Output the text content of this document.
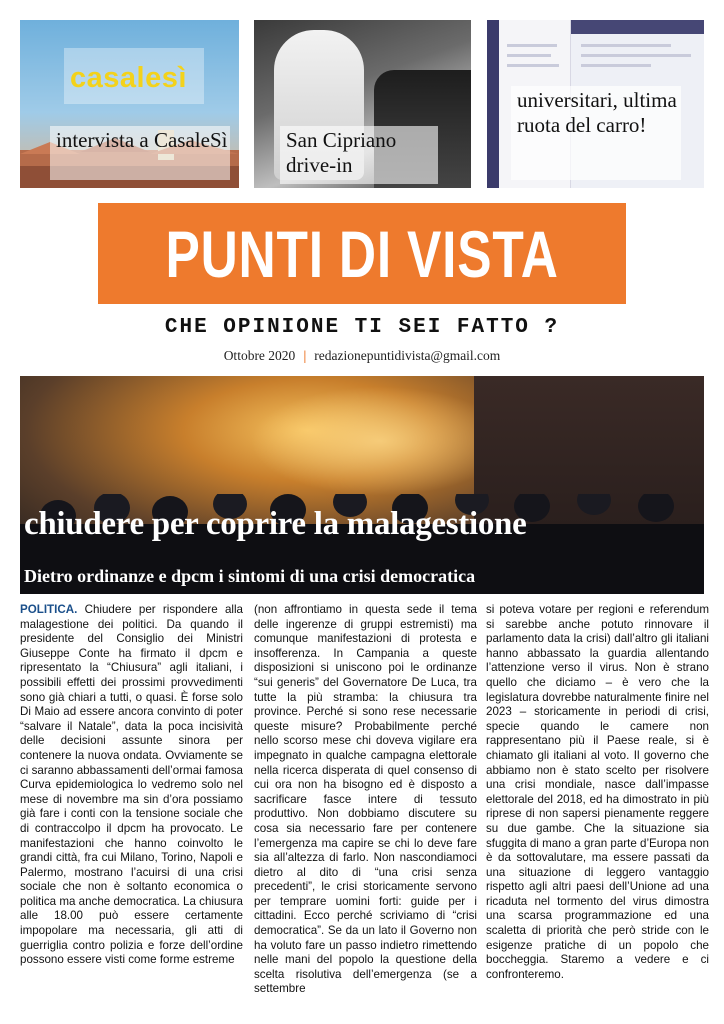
casalesì
intervista a CasaleSì	San Cipriano drive-in
universitari, ultima ruota del carro!
PUNTI DI VISTA
CHE OPINIONE TI SEI FATTO ?
Ottobre 2020 | redazionepuntidivista@gmail.com
chiudere per coprire la malagestione
Dietro ordinanze e dpcm i sintomi di una crisi democratica
POLITICA. Chiudere per rispondere alla malagestione dei politici. Da quando il presidente del Consiglio dei Ministri Giuseppe Conte ha firmato il dpcm e ripresentato la “Chiusura” agli italiani, i possibili effetti dei prossimi provvedimenti sono già chiari a tutti, o quasi. È forse solo Di Maio ad essere ancora convinto di poter “salvare il Natale”, data la poca incisività delle decisioni assunte sinora per contenere la nuova ondata. Ovviamente se ci saranno abbassamenti dell’ormai famosa Curva epidemiologica lo vedremo solo nel mese di novembre ma sin d’ora possiamo già fare i conti con la tensione sociale che di contraccolpo il dpcm ha provocato. Le manifestazioni che hanno coinvolto le grandi città, fra cui Milano, Torino, Napoli e Palermo, mostrano l’acuirsi di una crisi sociale che non è soltanto economica o politica ma anche democratica. La chiusura alle 18.00 può essere certamente impopolare ma necessaria, gli atti di guerriglia contro polizia e forze dell’ordine possono essere visti come forme estreme
(non affrontiamo in questa sede il tema delle ingerenze di gruppi estremisti) ma comunque manifestazioni di protesta e insofferenza. In Campania a queste disposizioni si uniscono poi le ordinanze “sui generis” del Governatore De Luca, tra tutte la più stramba: la chiusura tra province. Perché si sono rese necessarie queste misure? Probabilmente perché nello scorso mese chi doveva vigilare era impegnato in qualche campagna elettorale nella ricerca disperata di quel consenso di cui ora non ha bisogno ed è disposto a sacrificare fasce intere di tessuto produttivo. Non dobbiamo discutere su cosa sia necessario fare per contenere l’emergenza ma capire se chi lo deve fare sia all’altezza di farlo. Non nascondiamoci dietro al dito di “una crisi senza precedenti”, le crisi storicamente servono per temprare uomini forti: guide per i cittadini. Ecco perché scriviamo di “crisi democratica”. Se da un lato il Governo non ha voluto fare un passo indietro rimettendo nelle mani del popolo la questione della scelta risolutiva dell’emergenza (se a settembre
si poteva votare per regioni e referendum si sarebbe anche potuto rinnovare il parlamento data la crisi) dall’altro gli italiani hanno abbassato la guardia allentando l’attenzione verso il virus. Non è strano quello che diciamo – è vero che la legislatura dovrebbe naturalmente finire nel 2023 – storicamente in periodi di crisi, specie quando le camere non rappresentano più il Paese reale, si è chiamato gli italiani al voto. Il governo che abbiamo non è stato scelto per risolvere una crisi mondiale, nasce dall’impasse elettorale del 2018, ed ha dimostrato in più riprese di non sapersi pienamente reggere su due gambe. Che la situazione sia sfuggita di mano a gran parte d’Europa non è da sottovalutare, ma essere passati da una situazione di leggero vantaggio rispetto agli altri paesi dell’Unione ad una ricaduta nel tormento del virus dimostra una scarsa programmazione ed una scaletta di priorità che però stride con le esigenze pratiche di un popolo che boccheggia. Staremo a vedere e ci confronteremo.
